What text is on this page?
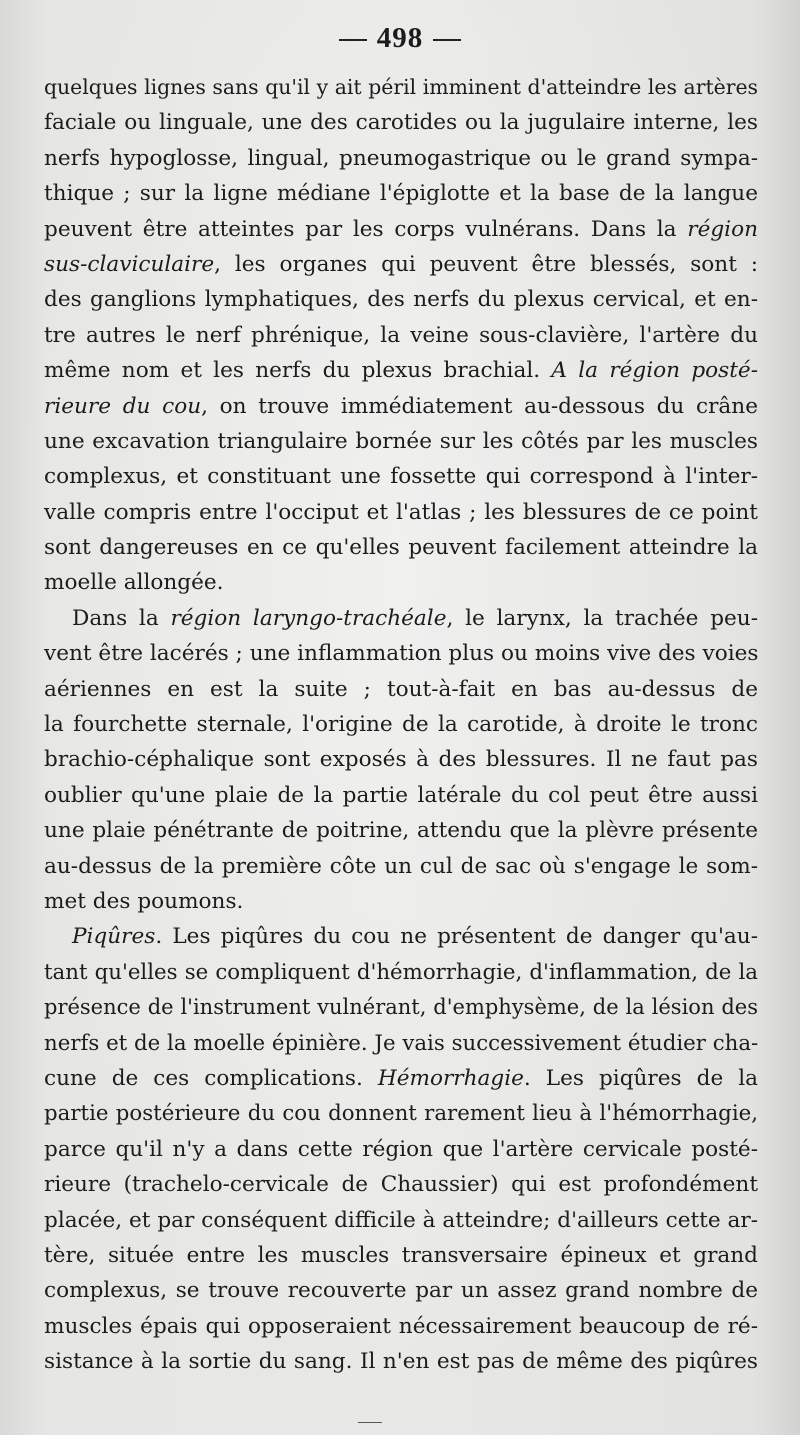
498
quelques lignes sans qu'il y ait péril imminent d'atteindre les artères
faciale ou linguale, une des carotides ou la jugulaire interne, les
nerfs hypoglosse, lingual, pneumogastrique ou le grand sympa-
thique ; sur la ligne médiane l'épiglotte et la base de la langue
peuvent être atteintes par les corps vulnérans. Dans la région
sus-claviculaire, les organes qui peuvent être blessés, sont :
des ganglions lymphatiques, des nerfs du plexus cervical, et en-
tre autres le nerf phrénique, la veine sous-clavière, l'artère du
même nom et les nerfs du plexus brachial. A la région posté-
rieure du cou, on trouve immédiatement au-dessous du crâne
une excavation triangulaire bornée sur les côtés par les muscles
complexus, et constituant une fossette qui correspond à l'inter-
valle compris entre l'occiput et l'atlas ; les blessures de ce point
sont dangereuses en ce qu'elles peuvent facilement atteindre la
moelle allongée.
Dans la région laryngo-trachéale, le larynx, la trachée peu-
vent être lacérés ; une inflammation plus ou moins vive des voies
aériennes en est la suite ; tout-à-fait en bas au-dessus de
la fourchette sternale, l'origine de la carotide, à droite le tronc
brachio-céphalique sont exposés à des blessures. Il ne faut pas
oublier qu'une plaie de la partie latérale du col peut être aussi
une plaie pénétrante de poitrine, attendu que la plèvre présente
au-dessus de la première côte un cul de sac où s'engage le som-
met des poumons.
Piqûres. Les piqûres du cou ne présentent de danger qu'au-
tant qu'elles se compliquent d'hémorrhagie, d'inflammation, de la
présence de l'instrument vulnérant, d'emphysème, de la lésion des
nerfs et de la moelle épinière. Je vais successivement étudier cha-
cune de ces complications. Hémorrhagie. Les piqûres de la
partie postérieure du cou donnent rarement lieu à l'hémorrhagie,
parce qu'il n'y a dans cette région que l'artère cervicale posté-
rieure (trachelo-cervicale de Chaussier) qui est profondément
placée, et par conséquent difficile à atteindre; d'ailleurs cette ar-
tère, située entre les muscles transversaire épineux et grand
complexus, se trouve recouverte par un assez grand nombre de
muscles épais qui opposeraient nécessairement beaucoup de ré-
sistance à la sortie du sang. Il n'en est pas de même des piqûres
